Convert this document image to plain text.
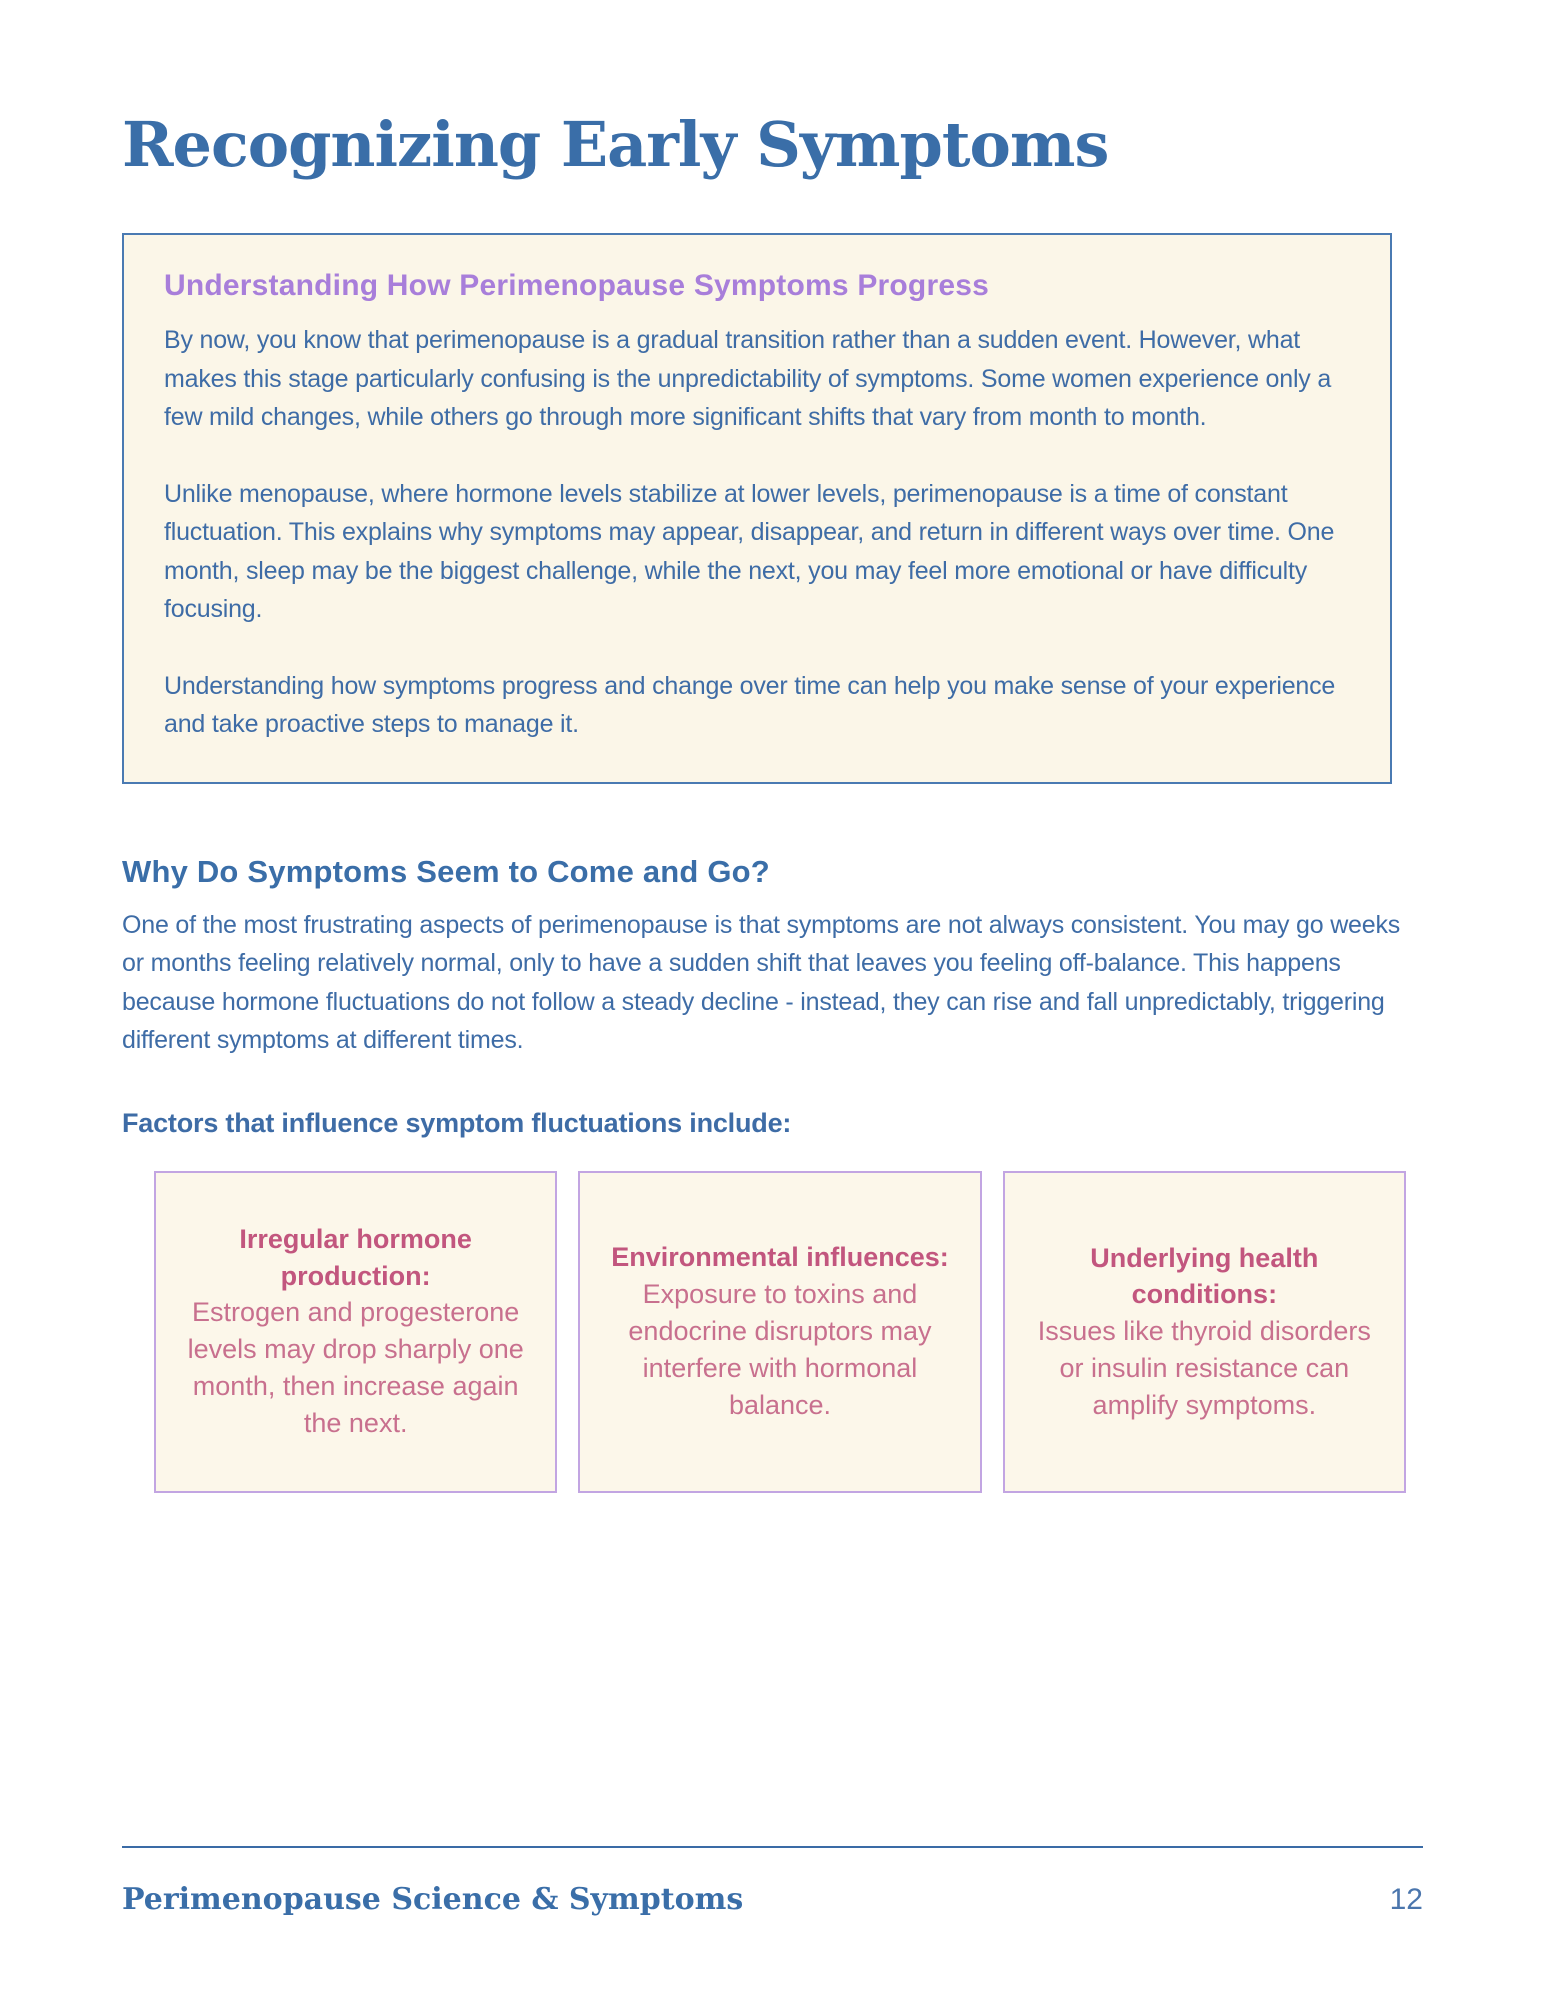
Recognizing Early Symptoms
Understanding How Perimenopause Symptoms Progress

By now, you know that perimenopause is a gradual transition rather than a sudden event. However, what makes this stage particularly confusing is the unpredictability of symptoms. Some women experience only a few mild changes, while others go through more significant shifts that vary from month to month.

Unlike menopause, where hormone levels stabilize at lower levels, perimenopause is a time of constant fluctuation. This explains why symptoms may appear, disappear, and return in different ways over time. One month, sleep may be the biggest challenge, while the next, you may feel more emotional or have difficulty focusing.

Understanding how symptoms progress and change over time can help you make sense of your experience and take proactive steps to manage it.

Why Do Symptoms Seem to Come and Go?

One of the most frustrating aspects of perimenopause is that symptoms are not always consistent. You may go weeks or months feeling relatively normal, only to have a sudden shift that leaves you feeling off-balance. This happens because hormone fluctuations do not follow a steady decline - instead, they can rise and fall unpredictably, triggering different symptoms at different times.

Factors that influence symptom fluctuations include:
Irregular hormone production:
Estrogen and progesterone levels may drop sharply one month, then increase again the next.
Environmental influences:
Exposure to toxins and endocrine disruptors may interfere with hormonal balance.
Underlying health conditions:
Issues like thyroid disorders or insulin resistance can amplify symptoms.
Perimenopause Science & Symptoms	12
